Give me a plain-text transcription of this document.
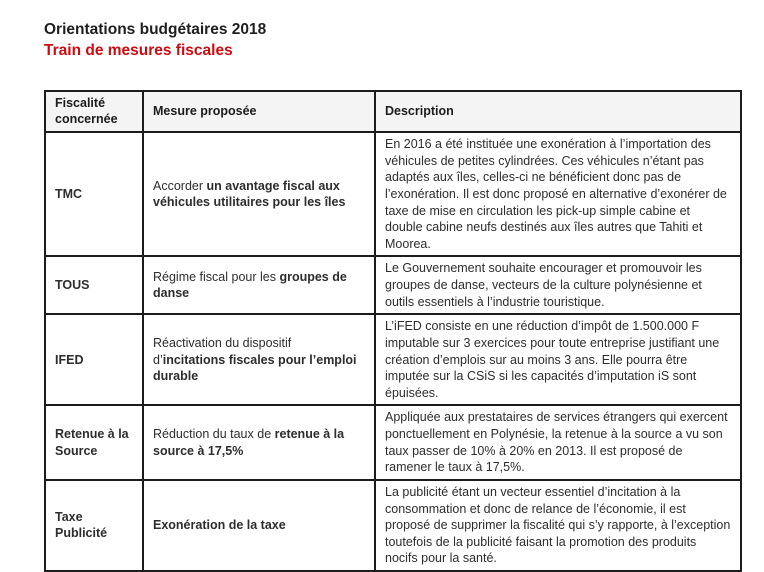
Orientations budgétaires 2018
Train de mesures fiscales
Fiscalité concernée	Mesure proposée	Description
TMC	Accorder un avantage fiscal aux véhicules utilitaires pour les îles	En 2016 a été instituée une exonération à l’importation des véhicules de petites cylindrées. Ces véhicules n’étant pas adaptés aux îles, celles-ci ne bénéficient donc pas de l’exonération. Il est donc proposé en alternative d’exonérer de taxe de mise en circulation les pick-up simple cabine et double cabine neufs destinés aux îles autres que Tahiti et Moorea.
TOUS	Régime fiscal pour les groupes de danse	Le Gouvernement souhaite encourager et promouvoir les groupes de danse, vecteurs de la culture polynésienne et outils essentiels à l’industrie touristique.
IFED	Réactivation du dispositif d’incitations fiscales pour l’emploi durable	L’iFED consiste en une réduction d’impôt de 1.500.000 F imputable sur 3 exercices pour toute entreprise justifiant une création d’emplois sur au moins 3 ans. Elle pourra être imputée sur la CSiS si les capacités d’imputation iS sont épuisées.
Retenue à la Source	Réduction du taux de retenue à la source à 17,5%	Appliquée aux prestataires de services étrangers qui exercent ponctuellement en Polynésie, la retenue à la source a vu son taux passer de 10% à 20% en 2013. Il est proposé de ramener le taux à 17,5%.
Taxe Publicité	Exonération de la taxe	La publicité étant un vecteur essentiel d’incitation à la consommation et donc de relance de l’économie, il est proposé de supprimer la fiscalité qui s’y rapporte, à l’exception toutefois de la publicité faisant la promotion des produits nocifs pour la santé.
